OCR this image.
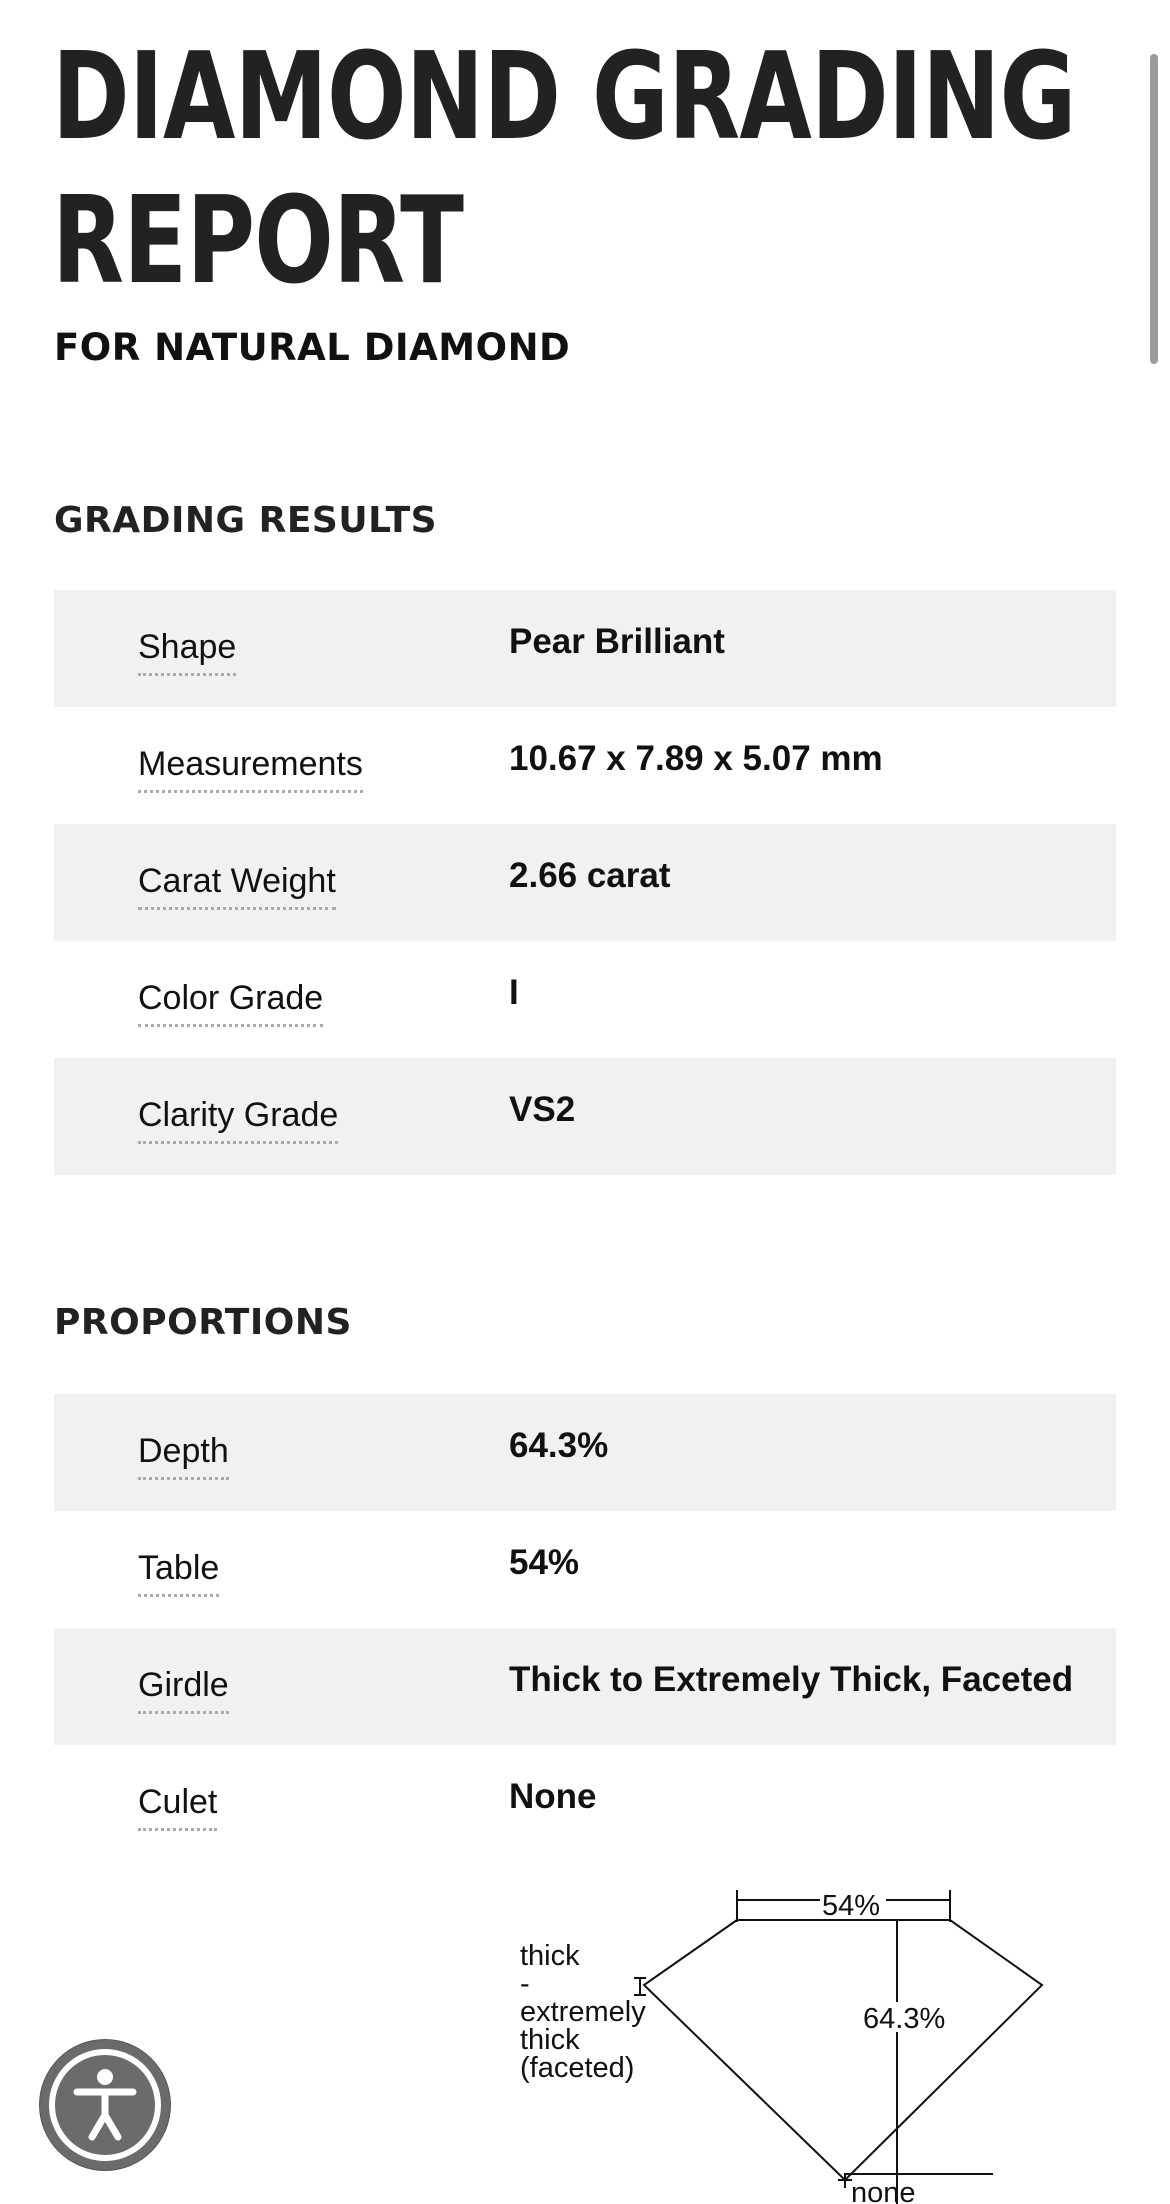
DIAMOND GRADING
REPORT
FOR NATURAL DIAMOND
GRADING RESULTS
Shape	Pear Brilliant
Measurements	10.67 x 7.89 x 5.07 mm
Carat Weight	2.66 carat
Color Grade	I
Clarity Grade	VS2
PROPORTIONS
Depth	64.3%
Table	54%
Girdle	Thick to Extremely Thick, Faceted
Culet	None
54%
64.3%
thick - extremely thick (faceted)
none
